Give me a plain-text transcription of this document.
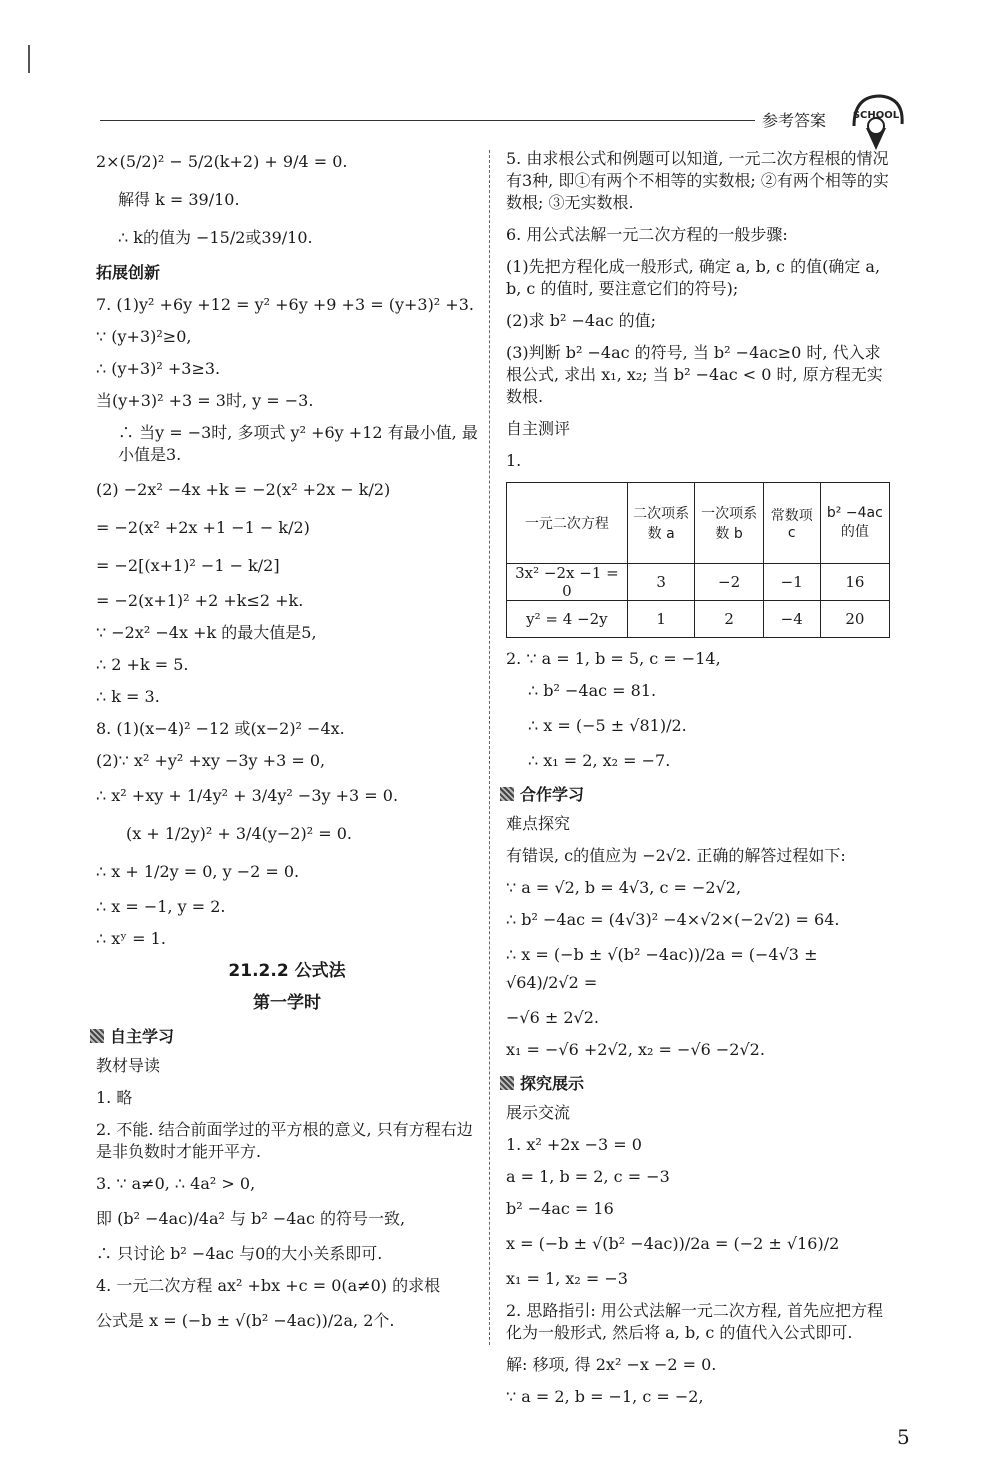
参考答案	SCHOOL

2×(5/2)² − 5/2(k+2) + 9/4 = 0.

解得 k = 39/10.

∴ k的值为 −15/2或39/10.

拓展创新

7. (1)y² +6y +12 = y² +6y +9 +3 = (y+3)² +3.

∵ (y+3)²≥0,

∴ (y+3)² +3≥3.

当(y+3)² +3 = 3时, y = −3.

∴ 当y = −3时, 多项式 y² +6y +12 有最小值, 最小值是3.

(2) −2x² −4x +k = −2(x² +2x − k/2)

= −2(x² +2x +1 −1 − k/2)

= −2[(x+1)² −1 − k/2]

= −2(x+1)² +2 +k≤2 +k.

∵ −2x² −4x +k 的最大值是5,

∴ 2 +k = 5.

∴ k = 3.

8. (1)(x−4)² −12 或(x−2)² −4x.

(2)∵ x² +y² +xy −3y +3 = 0,

∴ x² +xy + 1/4y² + 3/4y² −3y +3 = 0.

(x + 1/2y)² + 3/4(y−2)² = 0.

∴ x + 1/2y = 0, y −2 = 0.

∴ x = −1, y = 2.

∴ xʸ = 1.

21.2.2 公式法

第一学时

自主学习

教材导读

1. 略

2. 不能. 结合前面学过的平方根的意义, 只有方程右边是非负数时才能开平方.

3. ∵ a≠0, ∴ 4a² > 0,

即 (b² −4ac)/4a² 与 b² −4ac 的符号一致,

∴ 只讨论 b² −4ac 与0的大小关系即可.

4. 一元二次方程 ax² +bx +c = 0(a≠0) 的求根

公式是 x = (−b ± √(b² −4ac))/2a, 2个.

5. 由求根公式和例题可以知道, 一元二次方程根的情况有3种, 即①有两个不相等的实数根; ②有两个相等的实数根; ③无实数根.

6. 用公式法解一元二次方程的一般步骤:

(1)先把方程化成一般形式, 确定 a, b, c 的值(确定 a, b, c 的值时, 要注意它们的符号);

(2)求 b² −4ac 的值;

(3)判断 b² −4ac 的符号, 当 b² −4ac≥0 时, 代入求根公式, 求出 x₁, x₂; 当 b² −4ac < 0 时, 原方程无实数根.

自主测评

1.

一元二次方程	二次项系数 a	一次项系数 b	常数项 c	b² −4ac 的值
3x² −2x −1 = 0	3	−2	−1	16
y² = 4 −2y	1	2	−4	20

2. ∵ a = 1, b = 5, c = −14,

∴ b² −4ac = 81.

∴ x = (−5 ± √81)/2.

∴ x₁ = 2, x₂ = −7.

合作学习

难点探究

有错误, c的值应为 −2√2. 正确的解答过程如下:

∵ a = √2, b = 4√3, c = −2√2,

∴ b² −4ac = (4√3)² −4×√2×(−2√2) = 64.

∴ x = (−b ± √(b² −4ac))/2a = (−4√3 ± √64)/2√2 =

−√6 ± 2√2.

x₁ = −√6 +2√2, x₂ = −√6 −2√2.

探究展示

展示交流

1. x² +2x −3 = 0

a = 1, b = 2, c = −3

b² −4ac = 16

x = (−b ± √(b² −4ac))/2a = (−2 ± √16)/2

x₁ = 1, x₂ = −3

2. 思路指引: 用公式法解一元二次方程, 首先应把方程化为一般形式, 然后将 a, b, c 的值代入公式即可.

解: 移项, 得 2x² −x −2 = 0.

∵ a = 2, b = −1, c = −2,

5
